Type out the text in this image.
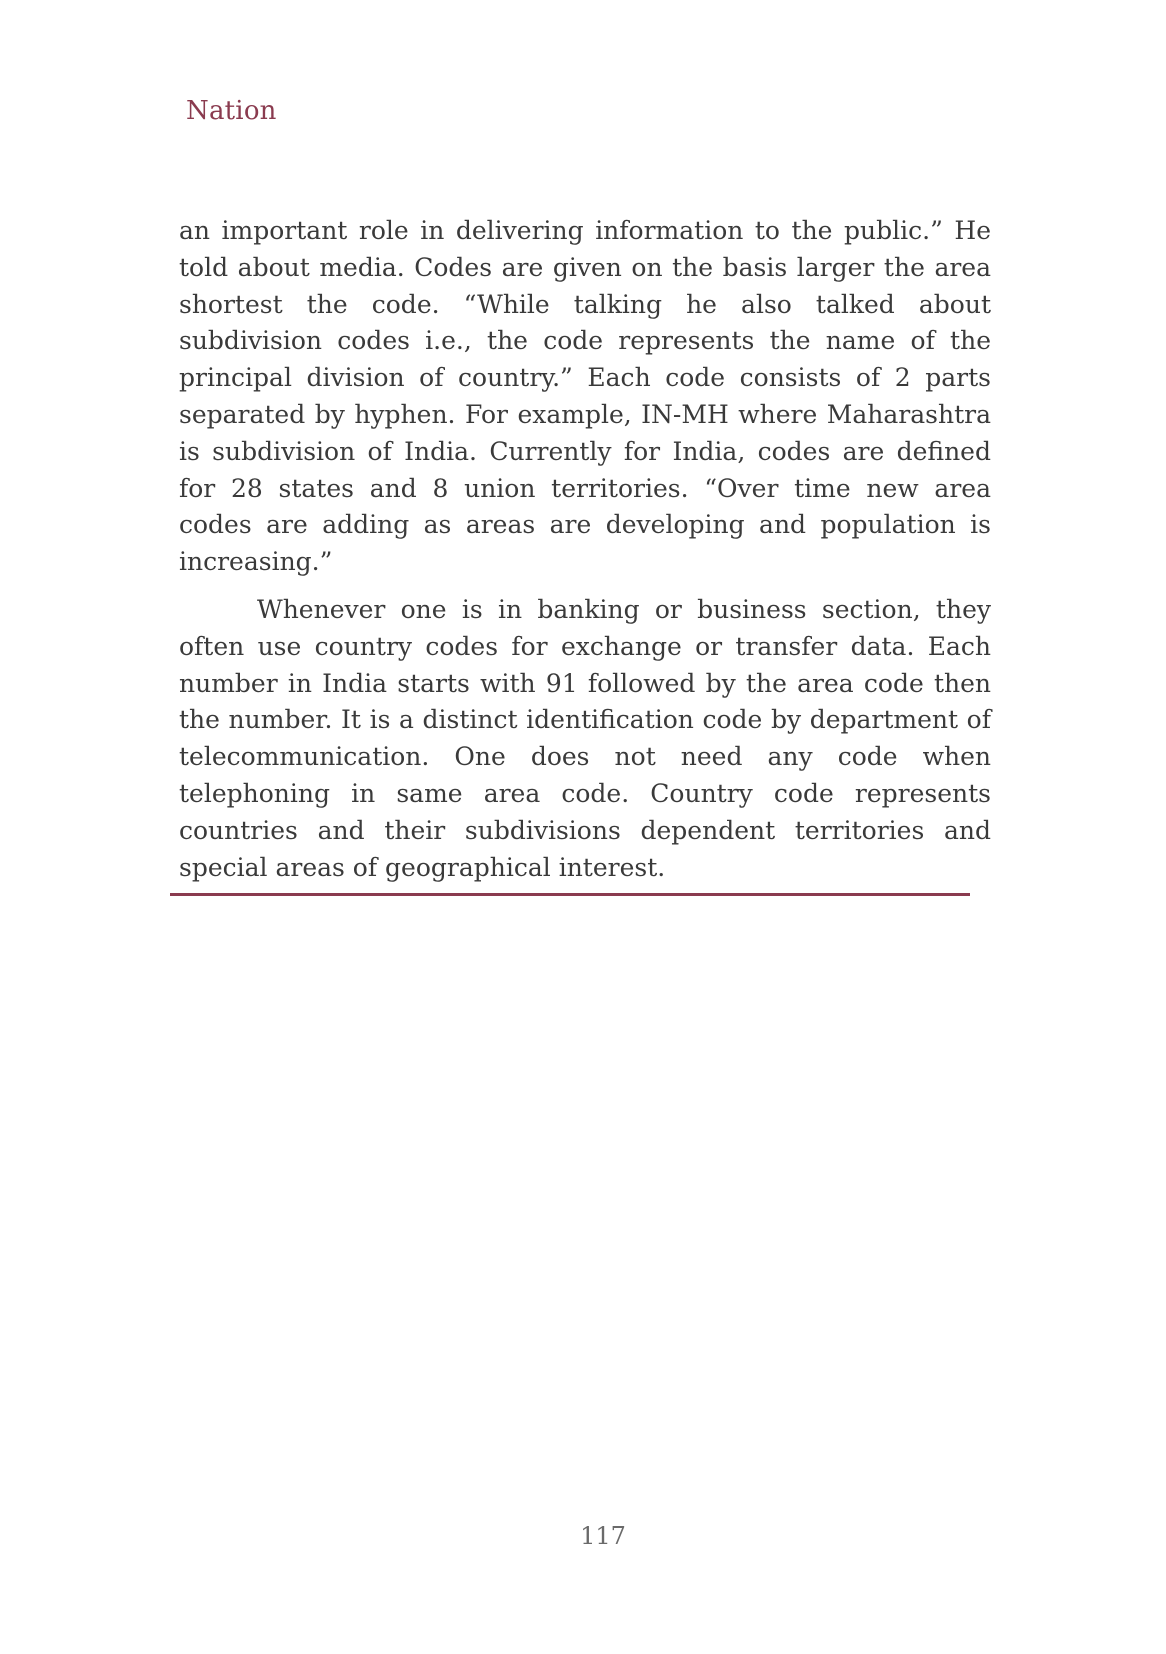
Nation

an important role in delivering information to the public.” He told about media. Codes are given on the basis larger the area shortest the code. “While talking he also talked about subdivision codes i.e., the code represents the name of the principal division of country.” Each code consists of 2 parts separated by hyphen. For example, IN-MH where Maharashtra is subdivision of India. Currently for India, codes are defined for 28 states and 8 union territories. “Over time new area codes are adding as areas are developing and population is increasing.”

Whenever one is in banking or business section, they often use country codes for exchange or transfer data. Each number in India starts with 91 followed by the area code then the number. It is a distinct identification code by department of telecommunication. One does not need any code when telephoning in same area code. Country code represents countries and their subdivisions dependent territories and special areas of geographical interest.

117
